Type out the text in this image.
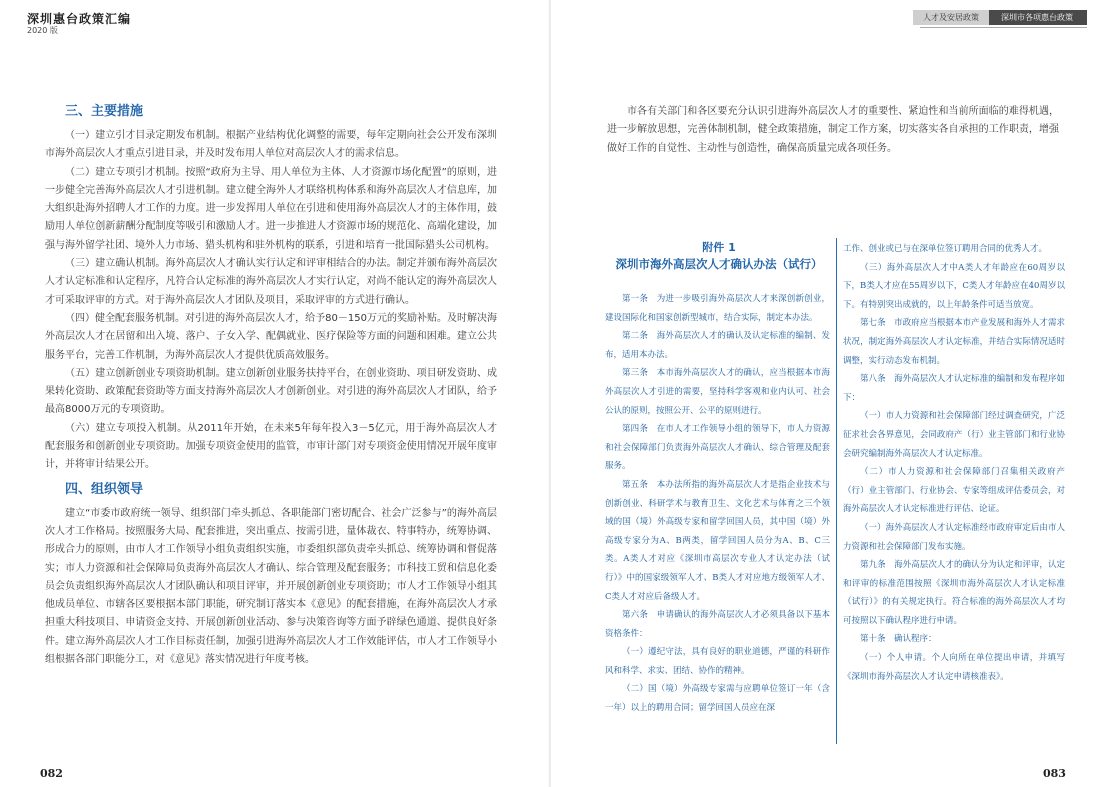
深圳惠台政策汇编
2020 版
三、主要措施

（一）建立引才目录定期发布机制。根据产业结构优化调整的需要，每年定期向社会公开发布深圳市海外高层次人才重点引进目录，并及时发布用人单位对高层次人才的需求信息。

（二）建立专项引才机制。按照“政府为主导、用人单位为主体、人才资源市场化配置”的原则，进一步健全完善海外高层次人才引进机制。建立健全海外人才联络机构体系和海外高层次人才信息库，加大组织赴海外招聘人才工作的力度。进一步发挥用人单位在引进和使用海外高层次人才的主体作用，鼓励用人单位创新薪酬分配制度等吸引和激励人才。进一步推进人才资源市场的规范化、高端化建设，加强与海外留学社团、境外人力市场、猎头机构和驻外机构的联系，引进和培育一批国际猎头公司机构。

（三）建立确认机制。海外高层次人才确认实行认定和评审相结合的办法。制定并颁布海外高层次人才认定标准和认定程序，凡符合认定标准的海外高层次人才实行认定，对尚不能认定的海外高层次人才可采取评审的方式。对于海外高层次人才团队及项目，采取评审的方式进行确认。

（四）健全配套服务机制。对引进的海外高层次人才，给予80－150万元的奖励补贴。及时解决海外高层次人才在居留和出入境、落户、子女入学、配偶就业、医疗保险等方面的问题和困难。建立公共服务平台，完善工作机制，为海外高层次人才提供优质高效服务。

（五）建立创新创业专项资助机制。建立创新创业服务扶持平台，在创业资助、项目研发资助、成果转化资助、政策配套资助等方面支持海外高层次人才创新创业。对引进的海外高层次人才团队，给予最高8000万元的专项资助。

（六）建立专项投入机制。从2011年开始，在未来5年每年投入3－5亿元，用于海外高层次人才配套服务和创新创业专项资助。加强专项资金使用的监管，市审计部门对专项资金使用情况开展年度审计，并将审计结果公开。

四、组织领导

建立“市委市政府统一领导、组织部门牵头抓总、各职能部门密切配合、社会广泛参与”的海外高层次人才工作格局。按照服务大局、配套推进，突出重点、按需引进，量体裁衣、特事特办，统筹协调、形成合力的原则，由市人才工作领导小组负责组织实施，市委组织部负责牵头抓总、统筹协调和督促落实；市人力资源和社会保障局负责海外高层次人才确认、综合管理及配套服务；市科技工贸和信息化委员会负责组织海外高层次人才团队确认和项目评审，并开展创新创业专项资助；市人才工作领导小组其他成员单位、市辖各区要根据本部门职能，研究制订落实本《意见》的配套措施，在海外高层次人才承担重大科技项目、申请资金支持、开展创新创业活动、参与决策咨询等方面予辟绿色通道、提供良好条件。建立海外高层次人才工作目标责任制，加强引进海外高层次人才工作效能评估，市人才工作领导小组根据各部门职能分工，对《意见》落实情况进行年度考核。

082
人才及安居政策	深圳市各项惠台政策

市各有关部门和各区要充分认识引进海外高层次人才的重要性、紧迫性和当前所面临的难得机遇，进一步解放思想，完善体制机制，健全政策措施，制定工作方案，切实落实各自承担的工作职责，增强做好工作的自觉性、主动性与创造性，确保高质量完成各项任务。

附件 1
深圳市海外高层次人才确认办法（试行）

第一条　为进一步吸引海外高层次人才来深创新创业，建设国际化和国家创新型城市，结合实际，制定本办法。

第二条　海外高层次人才的确认及认定标准的编制、发布，适用本办法。

第三条　本市海外高层次人才的确认，应当根据本市海外高层次人才引进的需要，坚持科学客观和业内认可、社会公认的原则，按照公开、公平的原则进行。

第四条　在市人才工作领导小组的领导下，市人力资源和社会保障部门负责海外高层次人才确认、综合管理及配套服务。

第五条　本办法所指的海外高层次人才是指企业技术与创新创业、科研学术与教育卫生、文化艺术与体育之三个领域的国（境）外高级专家和留学回国人员，其中国（境）外高级专家分为A、B两类，留学回国人员分为A、B、C三类。A类人才对应《深圳市高层次专业人才认定办法（试行）》中的国家级领军人才、B类人才对应地方级领军人才、C类人才对应后备级人才。

第六条　申请确认的海外高层次人才必须具备以下基本资格条件：

（一）遵纪守法，具有良好的职业道德，严谨的科研作风和科学、求实、团结、协作的精神。

（二）国（境）外高级专家需与应聘单位签订一年（含一年）以上的聘用合同；留学回国人员应在深

工作、创业或已与在深单位签订聘用合同的优秀人才。

（三）海外高层次人才中A类人才年龄应在60周岁以下，B类人才应在55周岁以下，C类人才年龄应在40周岁以下。有特别突出成就的，以上年龄条件可适当放宽。

第七条　市政府应当根据本市产业发展和海外人才需求状况，制定海外高层次人才认定标准，并结合实际情况适时调整，实行动态发布机制。

第八条　海外高层次人才认定标准的编制和发布程序如下：

（一）市人力资源和社会保障部门经过调查研究，广泛征求社会各界意见，会同政府产（行）业主管部门和行业协会研究编制海外高层次人才认定标准。

（二）市人力资源和社会保障部门召集相关政府产（行）业主管部门、行业协会、专家等组成评估委员会，对海外高层次人才认定标准进行评估、论证。

（一）海外高层次人才认定标准经市政府审定后由市人力资源和社会保障部门发布实施。

第九条　海外高层次人才的确认分为认定和评审，认定和评审的标准范围按照《深圳市海外高层次人才认定标准（试行）》的有关规定执行。符合标准的海外高层次人才均可按照以下确认程序进行申请。

第十条　确认程序：

（一）个人申请。个人向所在单位提出申请，并填写《深圳市海外高层次人才认定申请核准表》。

083
